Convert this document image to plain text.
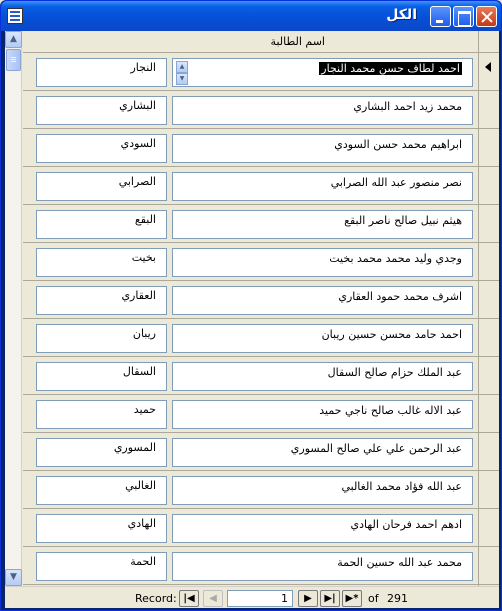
الكل
▲
▼
اسم الطالبة
النجار	احمد لطاف حسن محمد النجار
▲
▼
البشاري	محمد زيد احمد البشاري
السودي	ابراهيم محمد حسن السودي
الصرابي	نصر منصور عبد الله الصرابي
البقع	هيثم نبيل صالح ناصر البقع
بخيت	وجدي وليد محمد محمد بخيت
العقاري	اشرف محمد حمود العقاري
ريبان	احمد حامد محسن حسين ريبان
السقال	عبد الملك حزام صالح السقال
حميد	عبد الاله غالب صالح ناجي حميد
المسوري	عبد الرحمن علي علي صالح المسوري
الغالبي	عبد الله فؤاد محمد الغالبي
الهادي	ادهم احمد فرحان الهادي
الحمة	محمد عبد الله حسين الحمة
Record: |◀	◀	1	▶	▶| ▶* of 291
